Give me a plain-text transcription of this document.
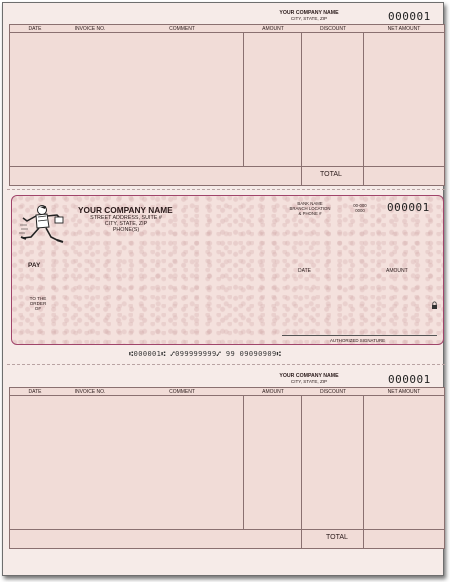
YOUR COMPANY NAME
CITY, STATE, ZIP	000001
DATE	INVOICE NO.	COMMENT	AMOUNT	DISCOUNT	NET AMOUNT
TOTAL
YOUR COMPANY NAME
STREET ADDRESS, SUITE #
CITY, STATE, ZIP
PHONE(S)
BANK NAME
BRANCH LOCATION
& PHONE #
00-000
0000	000001
PAY
DATE	AMOUNT
TO THE
ORDER
OF
AUTHORIZED SIGNATURE
⑆000001⑆ ⑇099999999⑇ 99 09090909⑆
YOUR COMPANY NAME
CITY, STATE, ZIP	000001
DATE	INVOICE NO.	COMMENT	AMOUNT	DISCOUNT	NET AMOUNT
TOTAL
